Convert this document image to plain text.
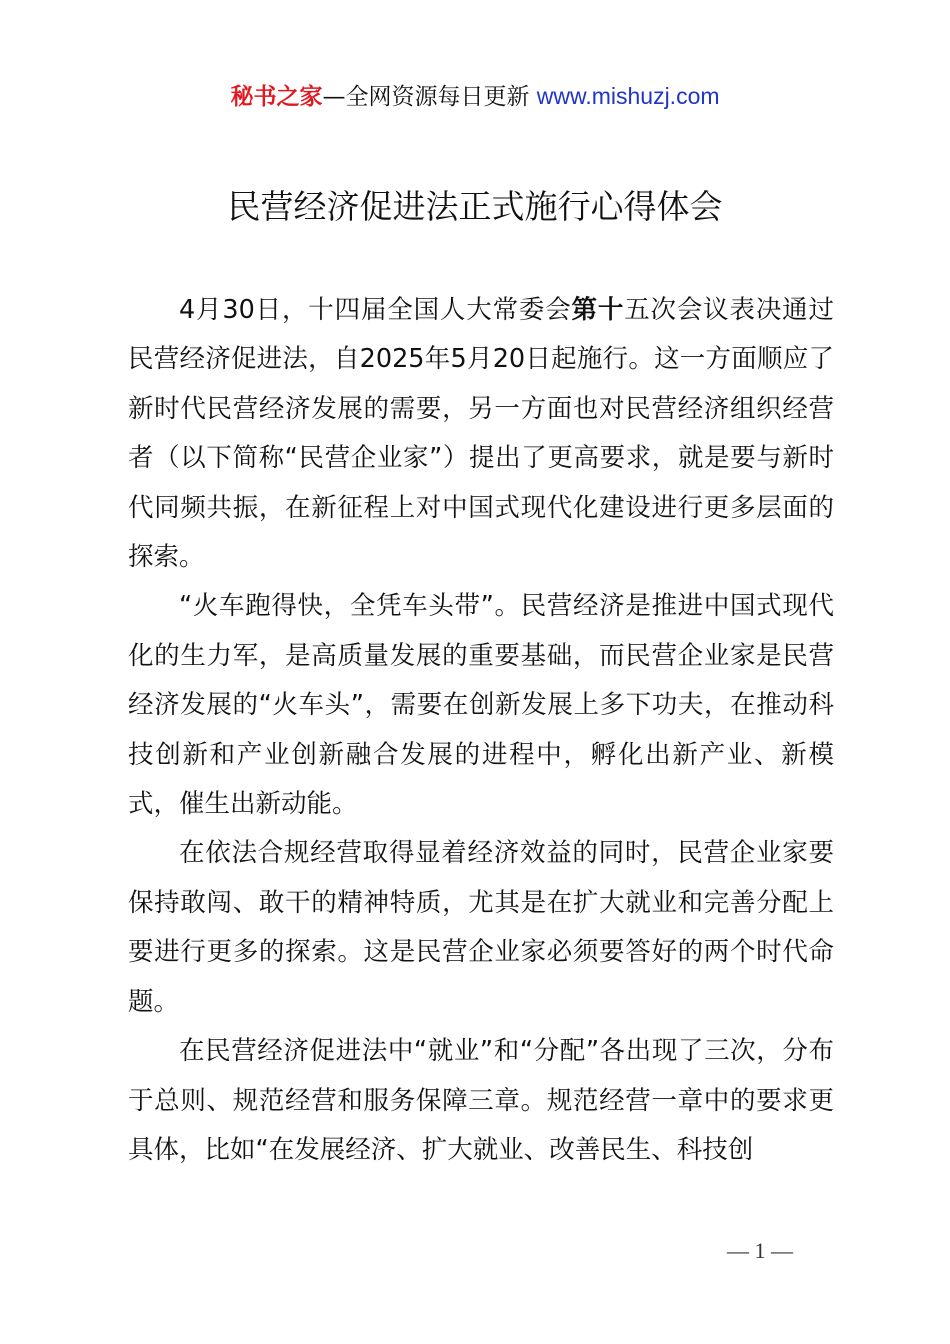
秘书之家—全网资源每日更新 www.mishuzj.com
民营经济促进法正式施行心得体会

4月30日，十四届全国人大常委会第十五次会议表决通过民营经济促进法，自2025年5月20日起施行。这一方面顺应了新时代民营经济发展的需要，另一方面也对民营经济组织经营者（以下简称“民营企业家”）提出了更高要求，就是要与新时代同频共振，在新征程上对中国式现代化建设进行更多层面的探索。

“火车跑得快，全凭车头带”。民营经济是推进中国式现代化的生力军，是高质量发展的重要基础，而民营企业家是民营经济发展的“火车头”，需要在创新发展上多下功夫，在推动科技创新和产业创新融合发展的进程中，孵化出新产业、新模式，催生出新动能。

在依法合规经营取得显着经济效益的同时，民营企业家要保持敢闯、敢干的精神特质，尤其是在扩大就业和完善分配上要进行更多的探索。这是民营企业家必须要答好的两个时代命题。

在民营经济促进法中“就业”和“分配”各出现了三次，分布于总则、规范经营和服务保障三章。规范经营一章中的要求更具体，比如“在发展经济、扩大就业、改善民生、科技创

— 1 —
